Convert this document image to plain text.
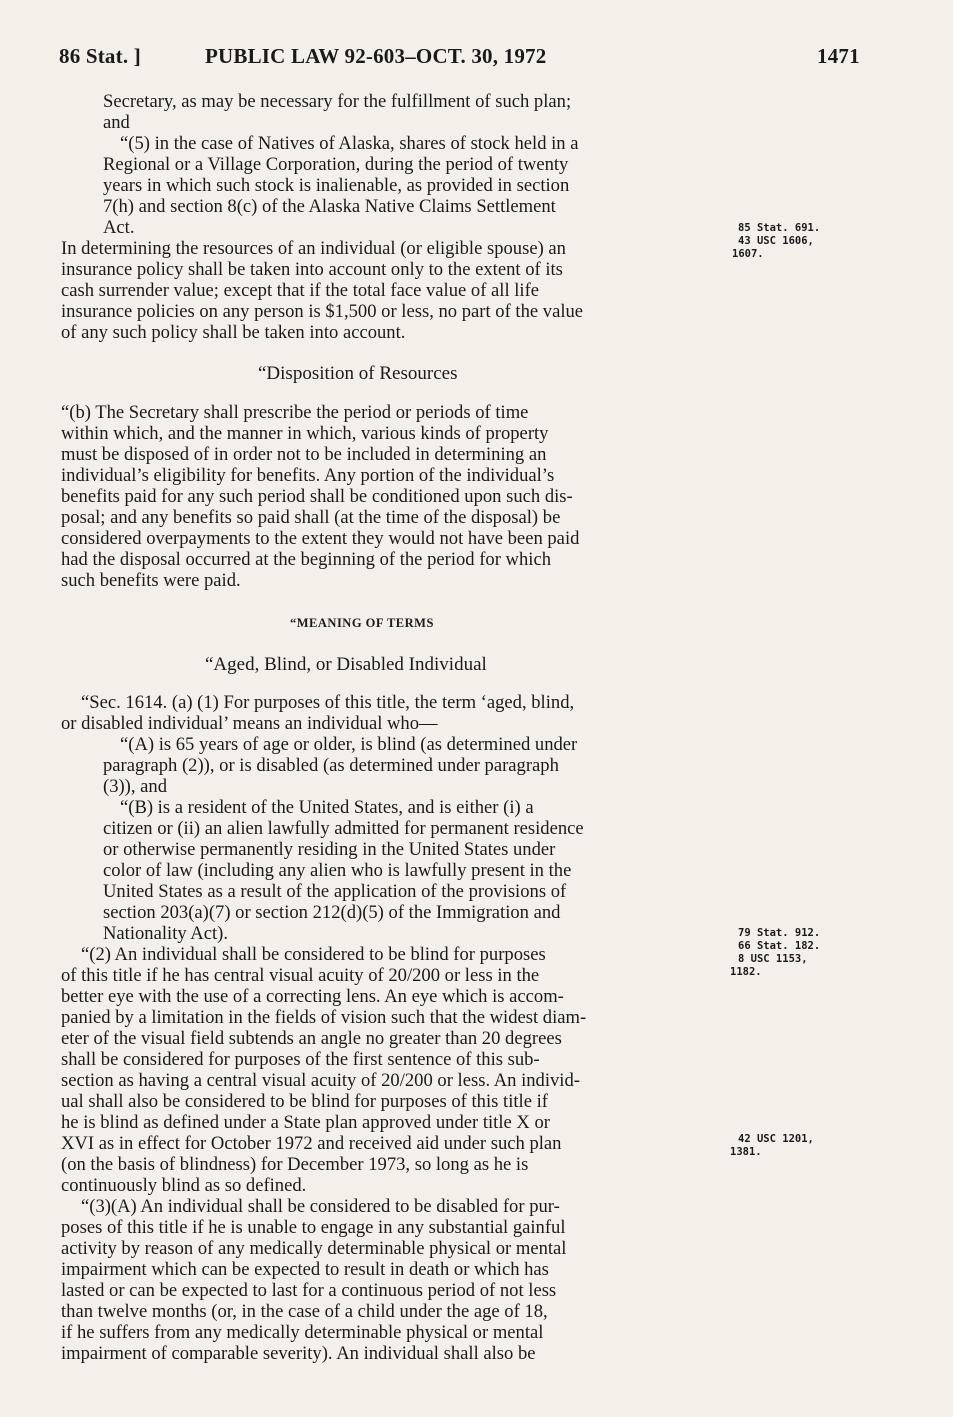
86 Stat. ]	PUBLIC LAW 92-603–OCT. 30, 1972	1471
Secretary, as may be necessary for the fulfillment of such plan;
and
“(5) in the case of Natives of Alaska, shares of stock held in a
Regional or a Village Corporation, during the period of twenty
years in which such stock is inalienable, as provided in section
7(h) and section 8(c) of the Alaska Native Claims Settlement
Act.
In determining the resources of an individual (or eligible spouse) an
insurance policy shall be taken into account only to the extent of its
cash surrender value; except that if the total face value of all life
insurance policies on any person is $1,500 or less, no part of the value
of any such policy shall be taken into account.
“Disposition of Resources
“(b) The Secretary shall prescribe the period or periods of time
within which, and the manner in which, various kinds of property
must be disposed of in order not to be included in determining an
individual’s eligibility for benefits. Any portion of the individual’s
benefits paid for any such period shall be conditioned upon such dis-
posal; and any benefits so paid shall (at the time of the disposal) be
considered overpayments to the extent they would not have been paid
had the disposal occurred at the beginning of the period for which
such benefits were paid.
“MEANING OF TERMS
“Aged, Blind, or Disabled Individual
“Sec. 1614. (a) (1) For purposes of this title, the term ‘aged, blind,
or disabled individual’ means an individual who—
“(A) is 65 years of age or older, is blind (as determined under
paragraph (2)), or is disabled (as determined under paragraph
(3)), and
“(B) is a resident of the United States, and is either (i) a
citizen or (ii) an alien lawfully admitted for permanent residence
or otherwise permanently residing in the United States under
color of law (including any alien who is lawfully present in the
United States as a result of the application of the provisions of
section 203(a)(7) or section 212(d)(5) of the Immigration and
Nationality Act).
“(2) An individual shall be considered to be blind for purposes
of this title if he has central visual acuity of 20/200 or less in the
better eye with the use of a correcting lens. An eye which is accom-
panied by a limitation in the fields of vision such that the widest diam-
eter of the visual field subtends an angle no greater than 20 degrees
shall be considered for purposes of the first sentence of this sub-
section as having a central visual acuity of 20/200 or less. An individ-
ual shall also be considered to be blind for purposes of this title if
he is blind as defined under a State plan approved under title X or
XVI as in effect for October 1972 and received aid under such plan
(on the basis of blindness) for December 1973, so long as he is
continuously blind as so defined.
“(3)(A) An individual shall be considered to be disabled for pur-
poses of this title if he is unable to engage in any substantial gainful
activity by reason of any medically determinable physical or mental
impairment which can be expected to result in death or which has
lasted or can be expected to last for a continuous period of not less
than twelve months (or, in the case of a child under the age of 18,
if he suffers from any medically determinable physical or mental
impairment of comparable severity). An individual shall also be
85 Stat. 691.
43 USC 1606,
1607.
79 Stat. 912.
66 Stat. 182.
8 USC 1153,
1182.
42 USC 1201,
1381.
